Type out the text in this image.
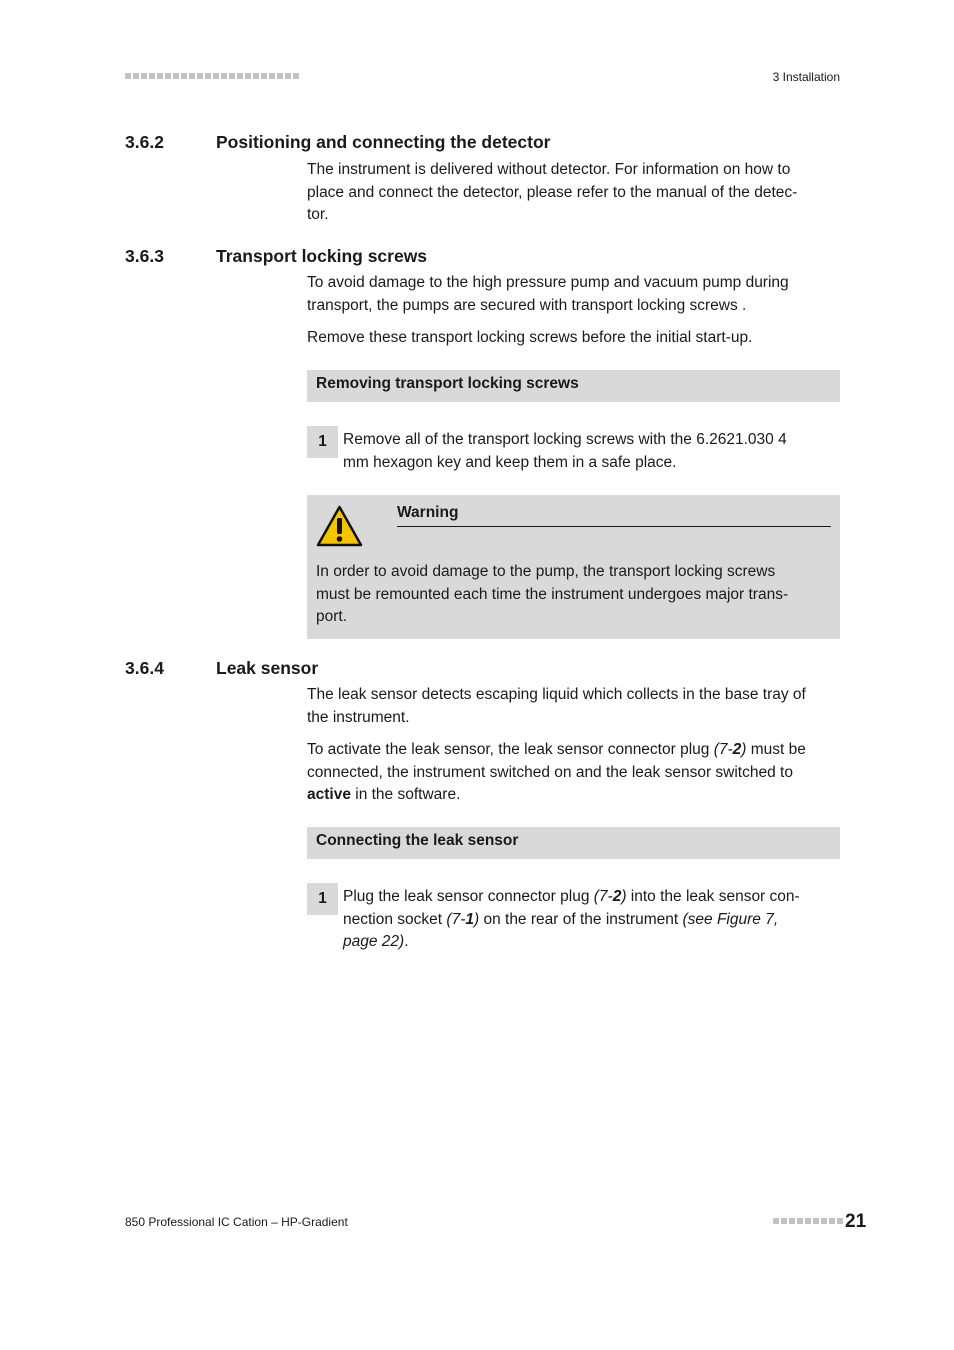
3 Installation
3.6.2	Positioning and connecting the detector
The instrument is delivered without detector. For information on how to
place and connect the detector, please refer to the manual of the detec-
tor.
3.6.3	Transport locking screws
To avoid damage to the high pressure pump and vacuum pump during
transport, the pumps are secured with transport locking screws .
Remove these transport locking screws before the initial start-up.
Removing transport locking screws
1	Remove all of the transport locking screws with the 6.2621.030 4
mm hexagon key and keep them in a safe place.
Warning
In order to avoid damage to the pump, the transport locking screws
must be remounted each time the instrument undergoes major trans-
port.
3.6.4	Leak sensor
The leak sensor detects escaping liquid which collects in the base tray of
the instrument.
To activate the leak sensor, the leak sensor connector plug (7-2) must be
connected, the instrument switched on and the leak sensor switched to
active in the software.
Connecting the leak sensor
1	Plug the leak sensor connector plug (7-2) into the leak sensor con-
nection socket (7-1) on the rear of the instrument (see Figure 7,
page 22).
850 Professional IC Cation – HP-Gradient	21
